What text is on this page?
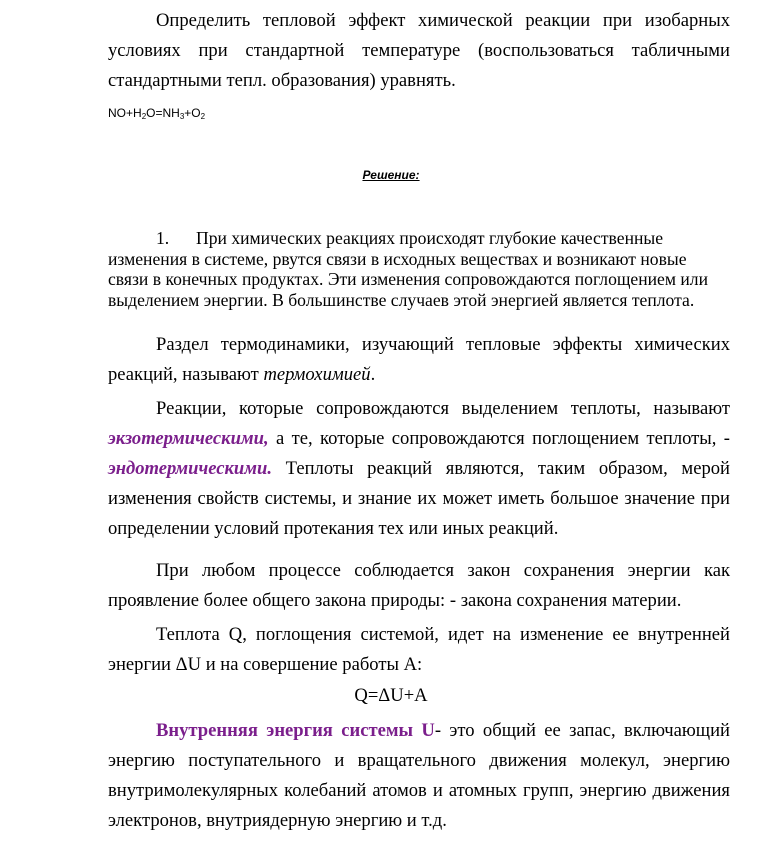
Определить тепловой эффект химической реакции при изобарных условиях при стандартной температуре (воспользоваться табличными стандартными тепл. образования) уравнять.

$NO+H_2O=NH_3+O_2$

Решение:

1. При химических реакциях происходят глубокие качественные изменения в системе, рвутся связи в исходных веществах и возникают новые связи в конечных продуктах. Эти изменения сопровождаются поглощением или выделением энергии. В большинстве случаев этой энергией является теплота.

Раздел термодинамики, изучающий тепловые эффекты химических реакций, называют термохимией.

Реакции, которые сопровождаются выделением теплоты, называют экзотермическими, а те, которые сопровождаются поглощением теплоты, - эндотермическими. Теплоты реакций являются, таким образом, мерой изменения свойств системы, и знание их может иметь большое значение при определении условий протекания тех или иных реакций.

При любом процессе соблюдается закон сохранения энергии как проявление более общего закона природы: - закона сохранения материи.

Теплота Q, поглощения системой, идет на изменение ее внутренней энергии ΔU и на совершение работы А:

Q=ΔU+A

Внутренняя энергия системы U- это общий ее запас, включающий энергию поступательного и вращательного движения молекул, энергию внутримолекулярных колебаний атомов и атомных групп, энергию движения электронов, внутриядерную энергию и т.д.
